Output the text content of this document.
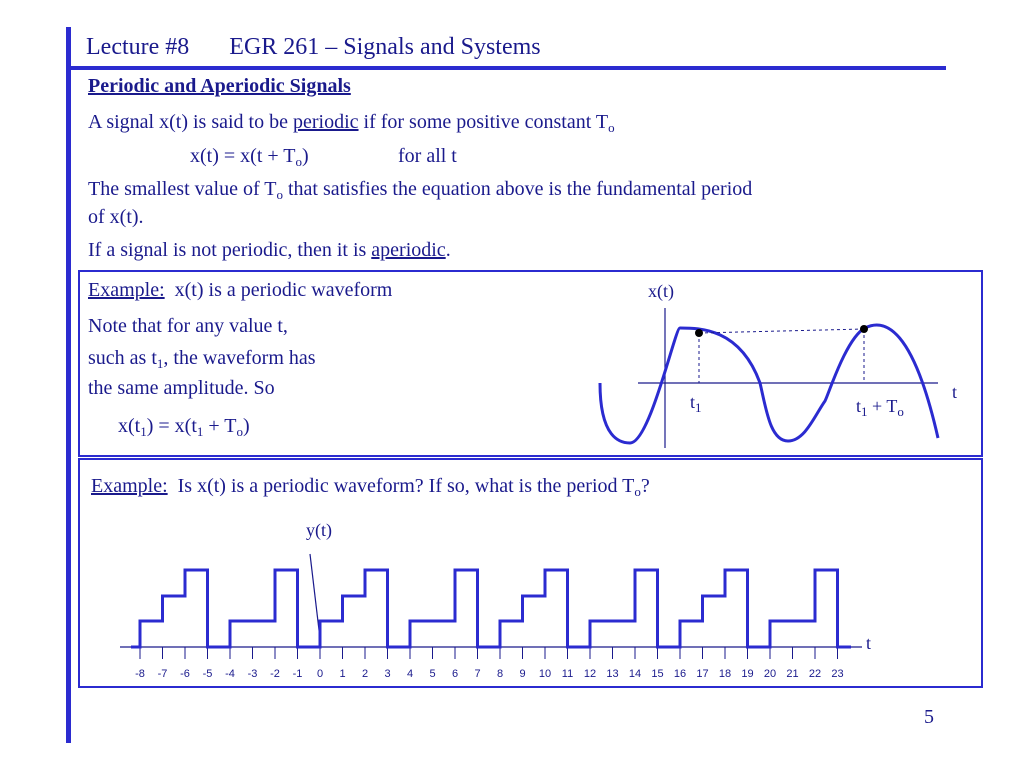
Lecture #8 EGR 261 – Signals and Systems
Periodic and Aperiodic Signals
A signal x(t) is said to be periodic if for some positive constant $T_o$
$x(t) = x(t + T_o)$	for all t
The smallest value of $T_o$ that satisfies the equation above is the fundamental period
of x(t).
If a signal is not periodic, then it is aperiodic.
Example: x(t) is a periodic waveform
Note that for any value t,
such as $t_1$, the waveform has
the same amplitude. So
$x(t_1) = x(t_1 + T_o)$
x(t)
t
$t_1$	$t_1 + T_o$
Example: Is x(t) is a periodic waveform? If so, what is the period $T_o$?
y(t)
t
-8 -7 -6 -5 -4 -3 -2 -1 0 1 2 3 4 5 6 7 8 9 10 11 12 13 14 15 16 17 18 19 20 21 22 23
5
